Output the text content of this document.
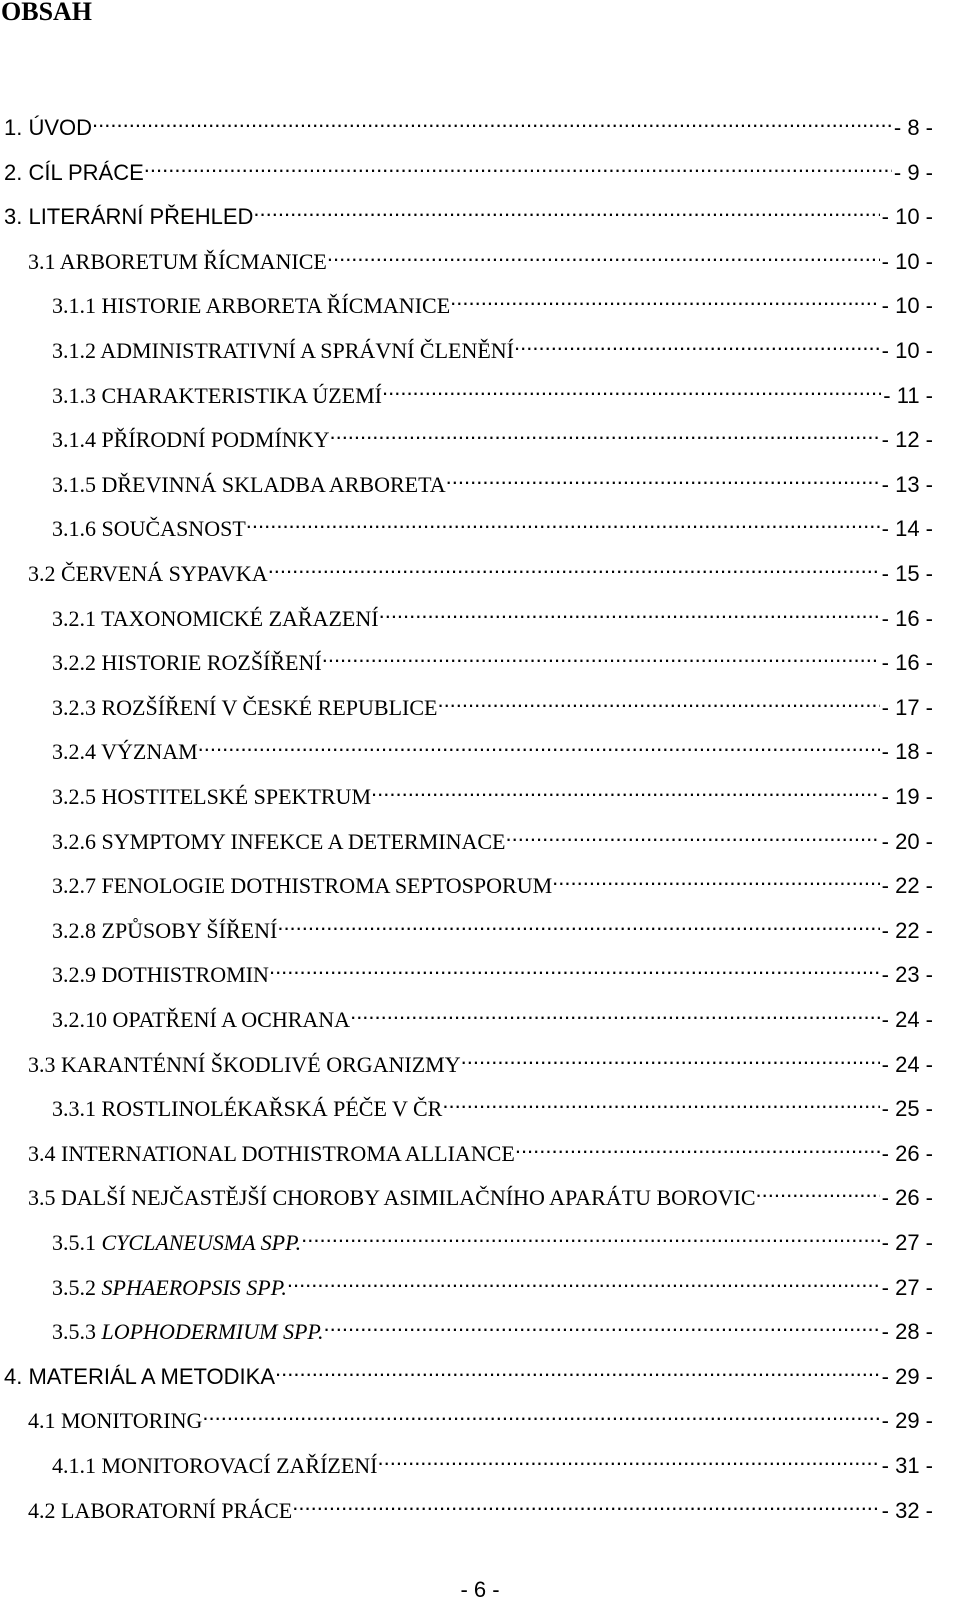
OBSAH
1. ÚVOD .....	- 8 -
2. CÍL PRÁCE .....	- 9 -
3. LITERÁRNÍ PŘEHLED .....	- 10 -
3.1 ARBORETUM ŘÍCMANICE .....	- 10 -
3.1.1 HISTORIE ARBORETA ŘÍCMANICE .....	- 10 -
3.1.2 ADMINISTRATIVNÍ A SPRÁVNÍ ČLENĚNÍ .....	- 10 -
3.1.3 CHARAKTERISTIKA ÚZEMÍ .....	- 11 -
3.1.4 PŘÍRODNÍ PODMÍNKY .....	- 12 -
3.1.5 DŘEVINNÁ SKLADBA ARBORETA .....	- 13 -
3.1.6 SOUČASNOST .....	- 14 -
3.2 ČERVENÁ SYPAVKA .....	- 15 -
3.2.1 TAXONOMICKÉ ZAŘAZENÍ .....	- 16 -
3.2.2 HISTORIE ROZŠÍŘENÍ .....	- 16 -
3.2.3 ROZŠÍŘENÍ V ČESKÉ REPUBLICE .....	- 17 -
3.2.4 VÝZNAM .....	- 18 -
3.2.5 HOSTITELSKÉ SPEKTRUM .....	- 19 -
3.2.6 SYMPTOMY INFEKCE A DETERMINACE .....	- 20 -
3.2.7 FENOLOGIE DOTHISTROMA SEPTOSPORUM .....	- 22 -
3.2.8 ZPŮSOBY ŠÍŘENÍ .....	- 22 -
3.2.9 DOTHISTROMIN .....	- 23 -
3.2.10 OPATŘENÍ A OCHRANA .....	- 24 -
3.3 KARANTÉNNÍ ŠKODLIVÉ ORGANIZMY .....	- 24 -
3.3.1 ROSTLINOLÉKAŘSKÁ PÉČE V ČR .....	- 25 -
3.4 INTERNATIONAL DOTHISTROMA ALLIANCE .....	- 26 -
3.5 DALŠÍ NEJČASTĚJŠÍ CHOROBY ASIMILAČNÍHO APARÁTU BOROVIC .....	- 26 -
3.5.1 CYCLANEUSMA SPP. .....	- 27 -
3.5.2 SPHAEROPSIS SPP. .....	- 27 -
3.5.3 LOPHODERMIUM SPP. .....	- 28 -
4. MATERIÁL A METODIKA .....	- 29 -
4.1 MONITORING .....	- 29 -
4.1.1 MONITOROVACÍ ZAŘÍZENÍ .....	- 31 -
4.2 LABORATORNÍ PRÁCE .....	- 32 -
- 6 -
